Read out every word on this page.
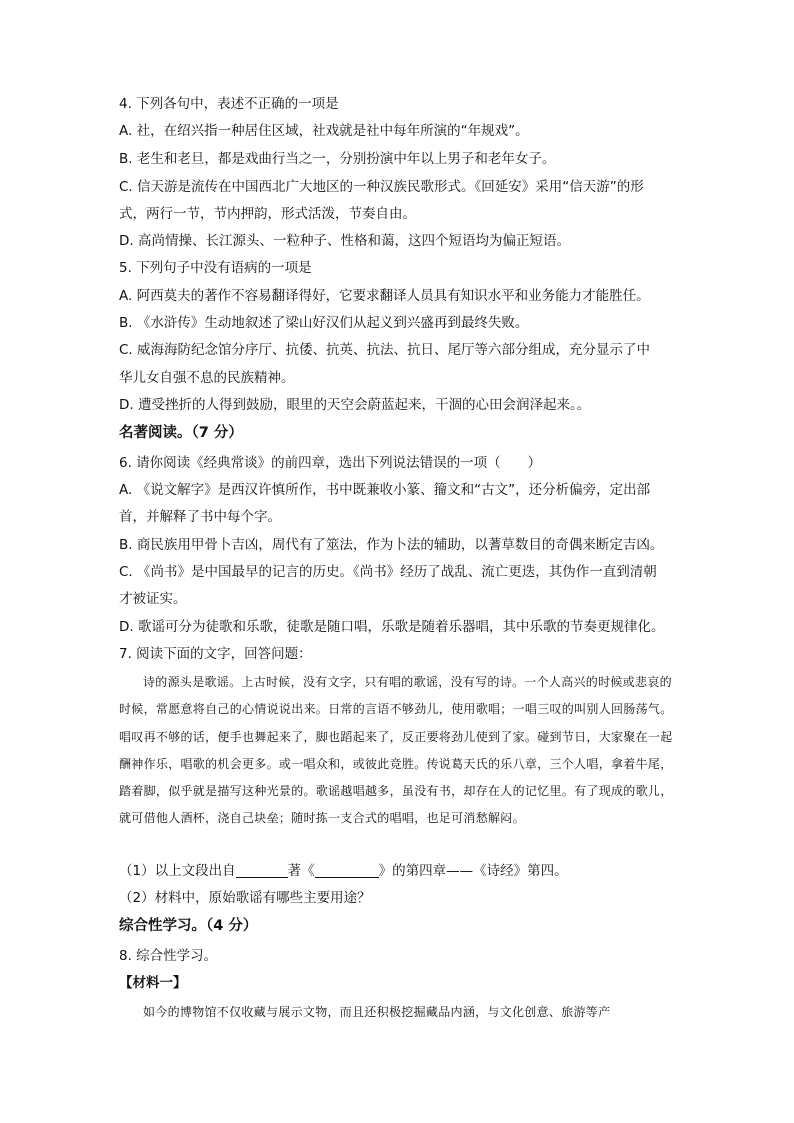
4. 下列各句中，表述不正确的一项是
A. 社，在绍兴指一种居住区域，社戏就是社中每年所演的“年规戏”。
B. 老生和老旦，都是戏曲行当之一，分别扮演中年以上男子和老年女子。
C. 信天游是流传在中国西北广大地区的一种汉族民歌形式。《回延安》采用“信天游”的形
式，两行一节，节内押韵，形式活泼，节奏自由。
D. 高尚情操、长江源头、一粒种子、性格和蔼，这四个短语均为偏正短语。
5. 下列句子中没有语病的一项是
A. 阿西莫夫的著作不容易翻译得好，它要求翻译人员具有知识水平和业务能力才能胜任。
B. 《水浒传》生动地叙述了梁山好汉们从起义到兴盛再到最终失败。
C. 威海海防纪念馆分序厅、抗倭、抗英、抗法、抗日、尾厅等六部分组成，充分显示了中
华儿女自强不息的民族精神。
D. 遭受挫折的人得到鼓励，眼里的天空会蔚蓝起来，干涸的心田会润泽起来。。
名著阅读。（7 分）
6. 请你阅读《经典常谈》的前四章，选出下列说法错误的一项（　　）
A. 《说文解字》是西汉许慎所作，书中既兼收小篆、籀文和“古文”，还分析偏旁，定出部
首，并解释了书中每个字。
B. 商民族用甲骨卜吉凶，周代有了筮法，作为卜法的辅助，以蓍草数目的奇偶来断定吉凶。
C. 《尚书》是中国最早的记言的历史。《尚书》经历了战乱、流亡更迭，其伪作一直到清朝
才被证实。
D. 歌谣可分为徒歌和乐歌，徒歌是随口唱，乐歌是随着乐器唱，其中乐歌的节奏更规律化。
7. 阅读下面的文字，回答问题：

诗的源头是歌谣。上古时候，没有文字，只有唱的歌谣，没有写的诗。一个人高兴的时候或悲哀的时候，常愿意将自己的心情说说出来。日常的言语不够劲儿，使用歌唱；一唱三叹的叫别人回肠荡气。唱叹再不够的话，便手也舞起来了，脚也蹈起来了，反正要将劲儿使到了家。碰到节日，大家聚在一起酬神作乐，唱歌的机会更多。或一唱众和，或彼此竞胜。传说葛天氏的乐八章，三个人唱，拿着牛尾，踏着脚，似乎就是描写这种光景的。歌谣越唱越多，虽没有书，却存在人的记忆里。有了现成的歌儿，就可借他人酒杯，浇自己块垒；随时拣一支合式的唱唱，也足可消愁解闷。

（1）以上文段出自	著《	》的第四章——《诗经》第四。
（2）材料中，原始歌谣有哪些主要用途？
综合性学习。（4 分）
8. 综合性学习。
【材料一】

如今的博物馆不仅收藏与展示文物，而且还积极挖掘藏品内涵，与文化创意、旅游等产
